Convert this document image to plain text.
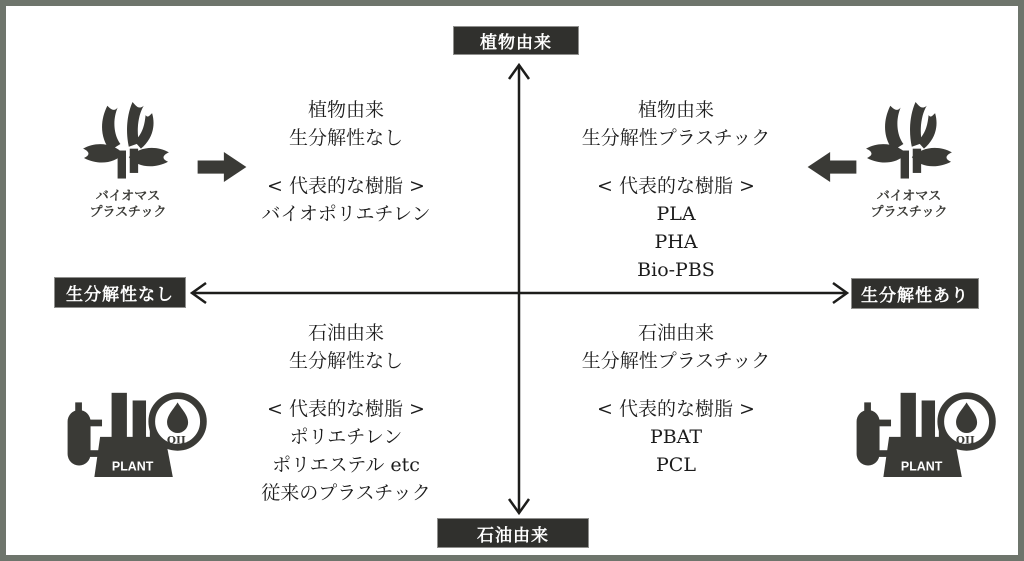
植物由来
石油由来
生分解性なし	生分解性あり
植物由来
生分解性なし
< 代表的な樹脂 >
バイオポリエチレン
植物由来
生分解性プラスチック
< 代表的な樹脂 >
PLA
PHA
Bio-PBS
石油由来
生分解性なし
< 代表的な樹脂 >
ポリエチレン
ポリエステル etc
従来のプラスチック
石油由来
生分解性プラスチック
< 代表的な樹脂 >
PBAT
PCL
バイオマス
プラスチック
バイオマス
プラスチック
OIL
PLANT
OIL
PLANT
